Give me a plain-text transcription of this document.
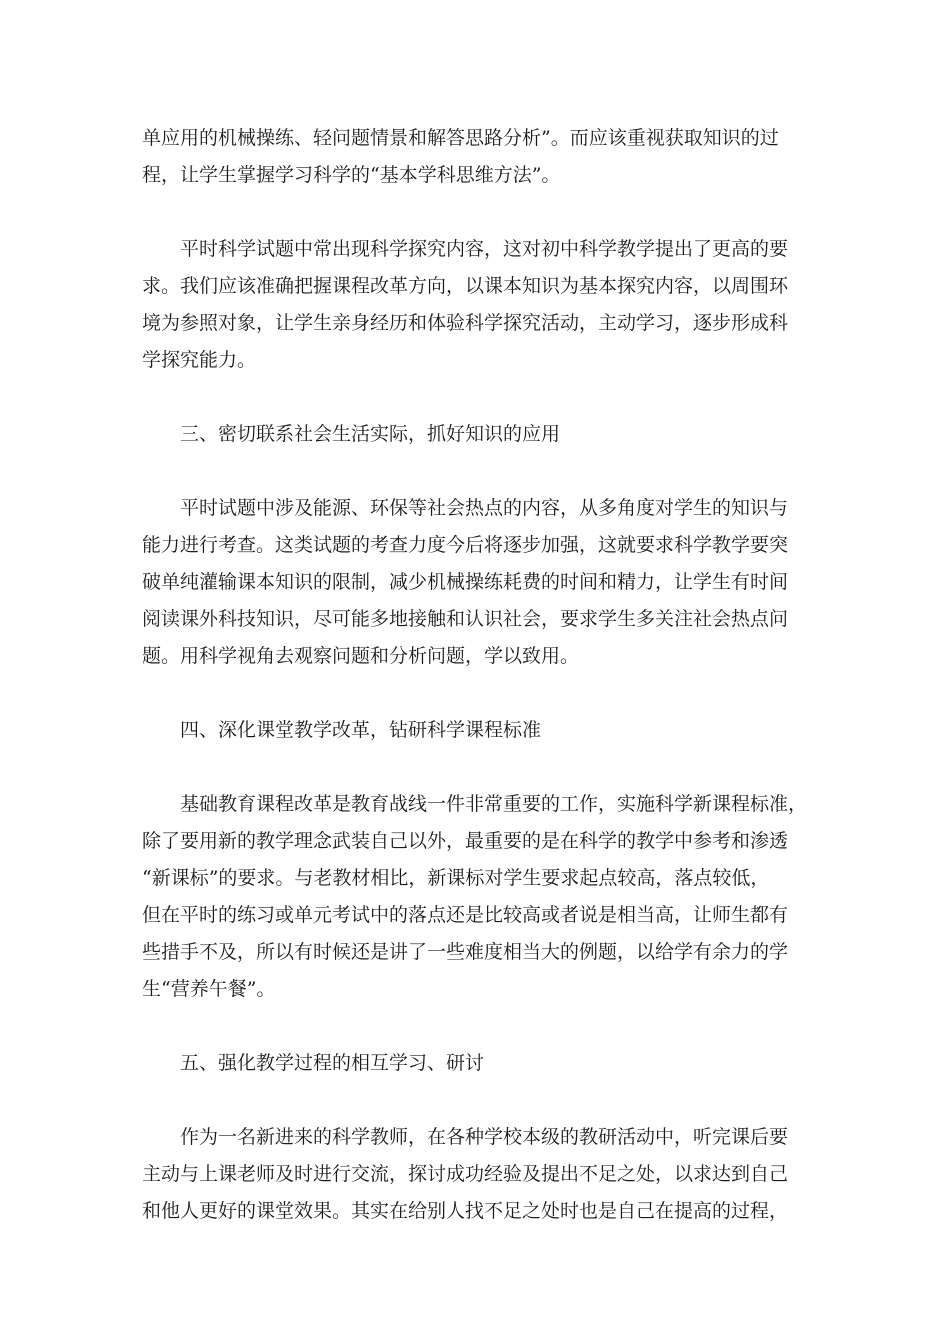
单应用的机械操练、轻问题情景和解答思路分析”。而应该重视获取知识的过

程，让学生掌握学习科学的“基本学科思维方法”。

平时科学试题中常出现科学探究内容，这对初中科学教学提出了更高的要

求。我们应该准确把握课程改革方向，以课本知识为基本探究内容，以周围环

境为参照对象，让学生亲身经历和体验科学探究活动，主动学习，逐步形成科

学探究能力。

三、密切联系社会生活实际，抓好知识的应用

平时试题中涉及能源、环保等社会热点的内容，从多角度对学生的知识与

能力进行考查。这类试题的考查力度今后将逐步加强，这就要求科学教学要突

破单纯灌输课本知识的限制，减少机械操练耗费的时间和精力，让学生有时间

阅读课外科技知识，尽可能多地接触和认识社会，要求学生多关注社会热点问

题。用科学视角去观察问题和分析问题，学以致用。

四、深化课堂教学改革，钻研科学课程标准

基础教育课程改革是教育战线一件非常重要的工作，实施科学新课程标准，

除了要用新的教学理念武装自己以外，最重要的是在科学的教学中参考和渗透

“新课标”的要求。与老教材相比，新课标对学生要求起点较高，落点较低，

但在平时的练习或单元考试中的落点还是比较高或者说是相当高，让师生都有

些措手不及，所以有时候还是讲了一些难度相当大的例题，以给学有余力的学

生“营养午餐”。

五、强化教学过程的相互学习、研讨

作为一名新进来的科学教师，在各种学校本级的教研活动中，听完课后要

主动与上课老师及时进行交流，探讨成功经验及提出不足之处，以求达到自己

和他人更好的课堂效果。其实在给别人找不足之处时也是自己在提高的过程，
